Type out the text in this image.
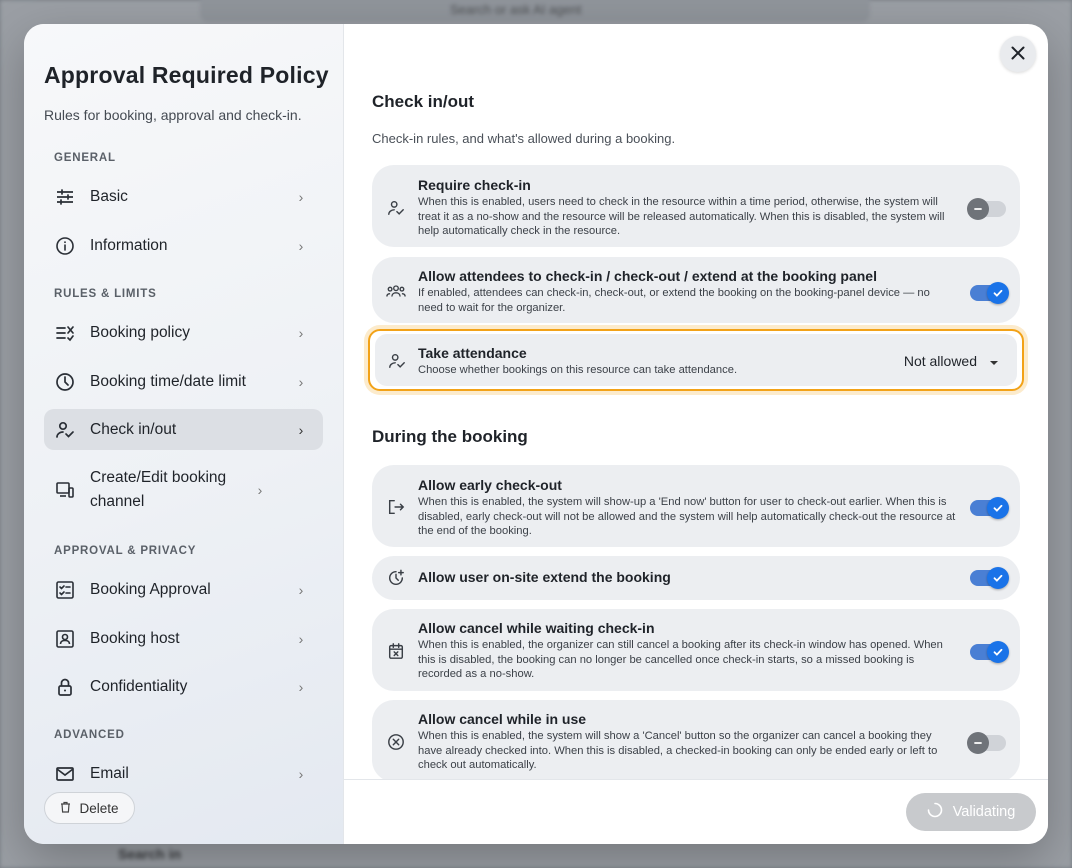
Search or ask AI agent
Search in
Approval Required Policy
Rules for booking, approval and check-in.
GENERAL
Basic	›
Information	›
RULES & LIMITS
Booking policy	›
Booking time/date limit	›
Check in/out	›
Create/Edit booking channel
›
APPROVAL & PRIVACY
Booking Approval	›
Booking host	›
Confidentiality	›
ADVANCED
Email	›
Delete
Check in/out
Check-in rules, and what's allowed during a booking.
Require check-in
When this is enabled, users need to check in the resource within a time period, otherwise, the system will treat it as a no-show and the resource will be released automatically. When this is disabled, the system will help automatically check in the resource.
Allow attendees to check-in / check-out / extend at the booking panel
If enabled, attendees can check-in, check-out, or extend the booking on the booking-panel device — no need to wait for the organizer.
Take attendance
Choose whether bookings on this resource can take attendance.
Not allowed
During the booking
Allow early check-out
When this is enabled, the system will show-up a 'End now' button for user to check-out earlier. When this is disabled, early check-out will not be allowed and the system will help automatically check-out the resource at the end of the booking.
Allow user on-site extend the booking
Allow cancel while waiting check-in
When this is enabled, the organizer can still cancel a booking after its check-in window has opened. When this is disabled, the booking can no longer be cancelled once check-in starts, so a missed booking is recorded as a no-show.
Allow cancel while in use
When this is enabled, the system will show a 'Cancel' button so the organizer can cancel a booking they have already checked into. When this is disabled, a checked-in booking can only be ended early or left to check out automatically.
Validating
